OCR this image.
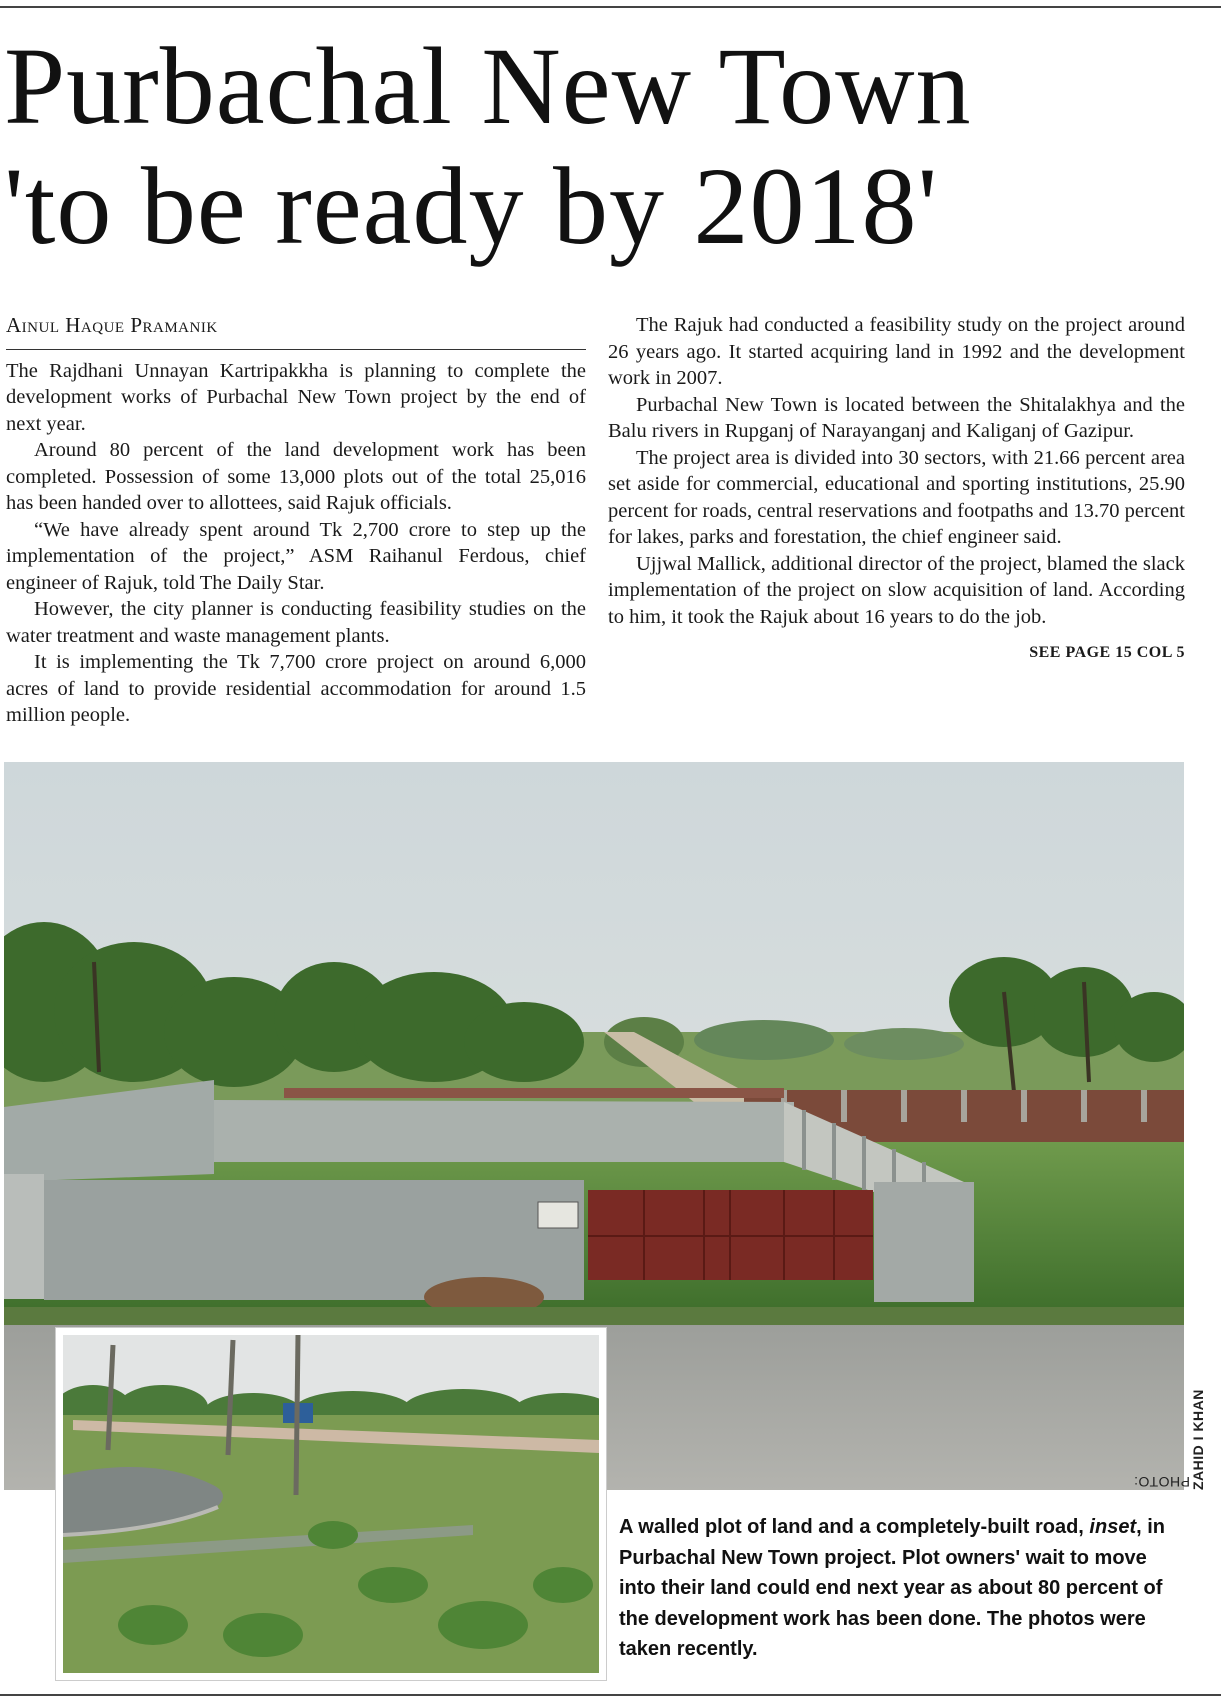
Purbachal New Town
'to be ready by 2018'
Ainul Haque Pramanik

The Rajdhani Unnayan Kartripakkha is planning to complete the development works of Purbachal New Town project by the end of next year.

Around 80 percent of the land development work has been completed. Possession of some 13,000 plots out of the total 25,016 has been handed over to allottees, said Rajuk officials.

“We have already spent around Tk 2,700 crore to step up the implementation of the project,” ASM Raihanul Ferdous, chief engineer of Rajuk, told The Daily Star.

However, the city planner is conducting feasibility studies on the water treatment and waste management plants.

It is implementing the Tk 7,700 crore project on around 6,000 acres of land to provide residential accommodation for around 1.5 million people.

The Rajuk had conducted a feasibility study on the project around 26 years ago. It started acquiring land in 1992 and the development work in 2007.

Purbachal New Town is located between the Shitalakhya and the Balu rivers in Rupganj of Narayanganj and Kaliganj of Gazipur.

The project area is divided into 30 sectors, with 21.66 percent area set aside for commercial, educational and sporting institutions, 25.90 percent for roads, central reservations and footpaths and 13.70 percent for lakes, parks and forestation, the chief engineer said.

Ujjwal Mallick, additional director of the project, blamed the slack implementation of the project on slow acquisition of land. According to him, it took the Rajuk about 16 years to do the job.

SEE PAGE 15 COL 5
PHOTO: ZAHID I KHAN
A walled plot of land and a completely-built road, inset, in Purbachal New Town project. Plot owners' wait to move into their land could end next year as about 80 percent of the development work has been done. The photos were taken recently.
